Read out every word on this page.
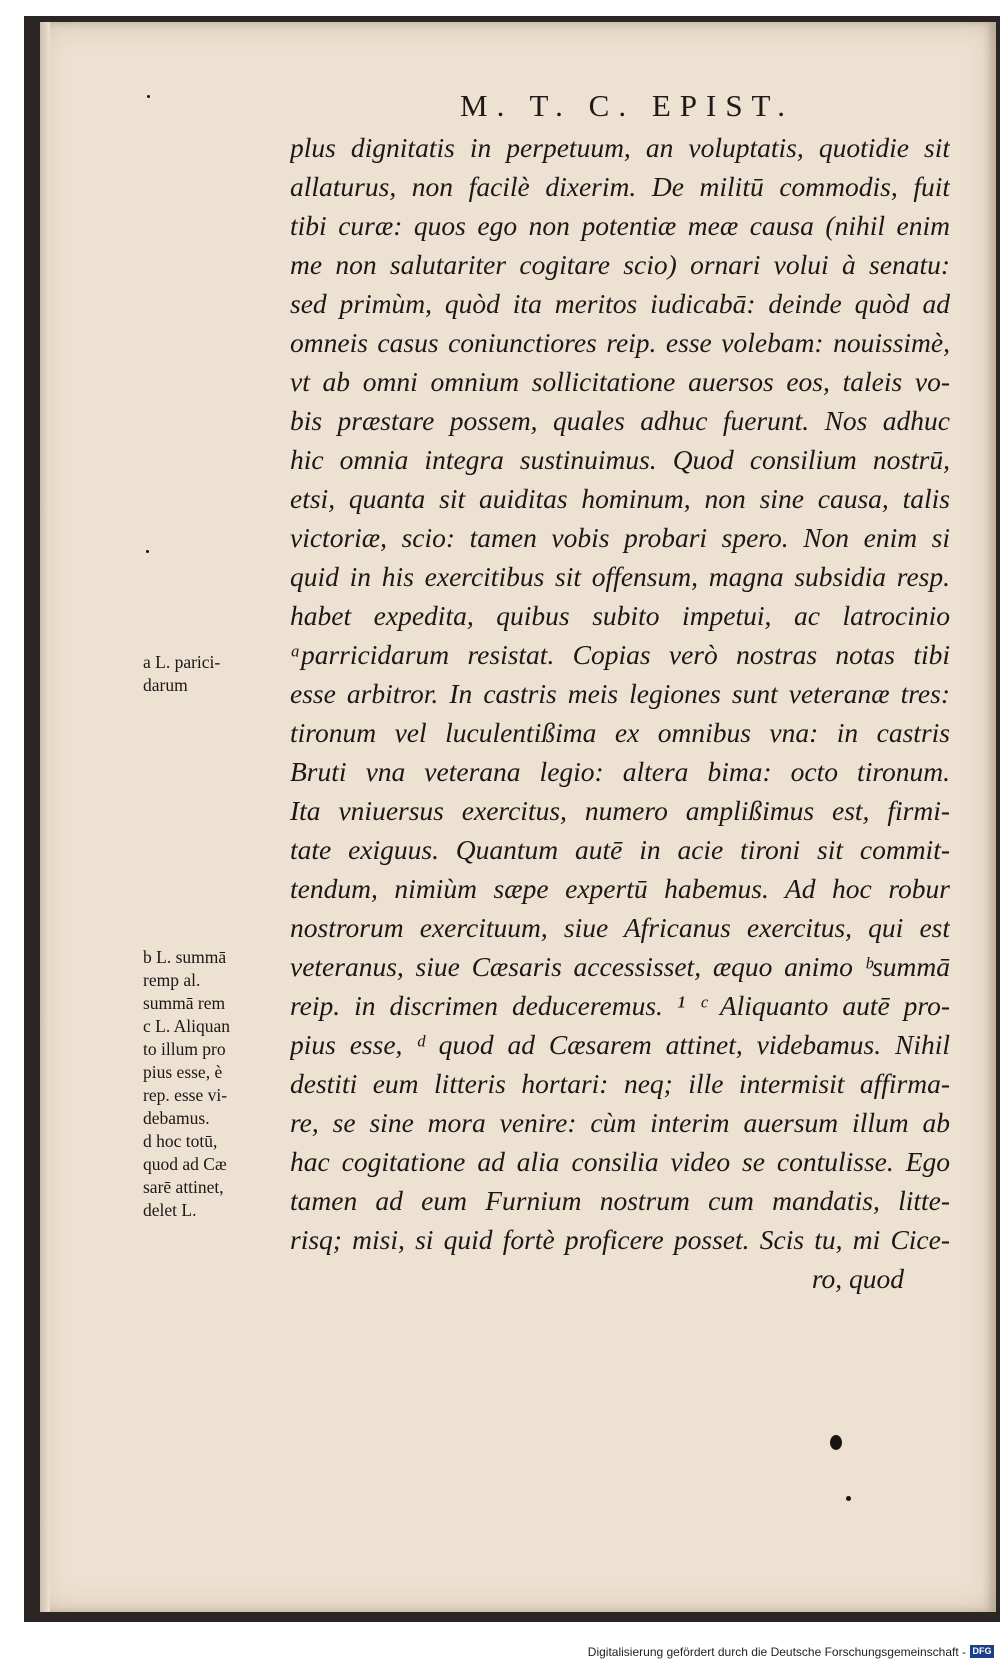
M. T. C. EPIST.
plus dignitatis in perpetuum, an voluptatis, quotidie sit
allaturus, non facilè dixerim. De militū commodis, fuit
tibi curæ: quos ego non potentiæ meæ causa (nihil enim
me non salutariter cogitare scio) ornari volui à senatu:
sed primùm, quòd ita meritos iudicabā: deinde quòd ad
omneis casus coniunctiores reip. esse volebam: nouissimè,
vt ab omni omnium sollicitatione auersos eos, taleis vo-
bis præstare possem, quales adhuc fuerunt. Nos adhuc
hic omnia integra sustinuimus. Quod consilium nostrū,
etsi, quanta sit auiditas hominum, non sine causa, talis
victoriæ, scio: tamen vobis probari spero. Non enim si
quid in his exercitibus sit offensum, magna subsidia resp.
habet expedita, quibus subito impetui, ac latrocinio
ᵃparricidarum resistat. Copias verò nostras notas tibi
esse arbitror. In castris meis legiones sunt veteranæ tres:
tironum vel luculentißima ex omnibus vna: in castris
Bruti vna veterana legio: altera bima: octo tironum.
Ita vniuersus exercitus, numero amplißimus est, firmi-
tate exiguus. Quantum autē in acie tironi sit commit-
tendum, nimiùm sæpe expertū habemus. Ad hoc robur
nostrorum exercituum, siue Africanus exercitus, qui est
veteranus, siue Cæsaris accessisset, æquo animo ᵇsummā
reip. in discrimen deduceremus. ¹ ᶜ Aliquanto autē pro-
pius esse, ᵈ quod ad Cæsarem attinet, videbamus. Nihil
destiti eum litteris hortari: neq; ille intermisit affirma-
re, se sine mora venire: cùm interim auersum illum ab
hac cogitatione ad alia consilia video se contulisse. Ego
tamen ad eum Furnium nostrum cum mandatis, litte-
risq; misi, si quid fortè proficere posset. Scis tu, mi Cice-
ro, quod
a L. parici-
darum
b L. summā
remp al.
summā rem
c L. Aliquan
to illum pro
pius esse, è
rep. esse vi-
debamus.
d hoc totū,
quod ad Cæ
sarē attinet,
delet L.
Digitalisierung gefördert durch die Deutsche Forschungsgemeinschaft - DFG
